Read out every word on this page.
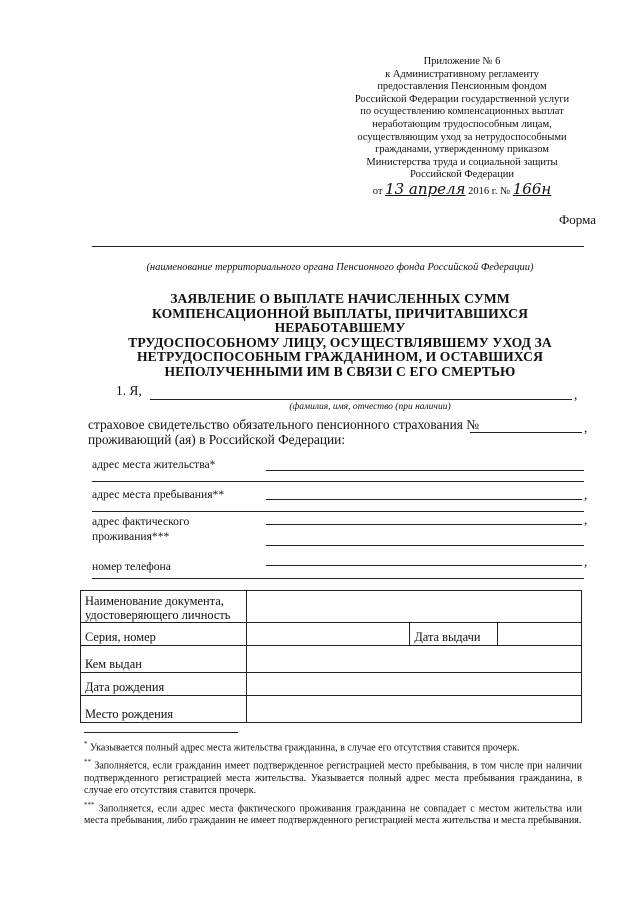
Приложение № 6
к Административному регламенту
предоставления Пенсионным фондом
Российской Федерации государственной услуги
по осуществлению компенсационных выплат
неработающим трудоспособным лицам,
осуществляющим уход за нетрудоспособными
гражданами, утвержденному приказом
Министерства труда и социальной защиты
Российской Федерации
от 13 апреля 2016 г. № 166н
Форма
(наименование территориального органа Пенсионного фонда Российской Федерации)
ЗАЯВЛЕНИЕ О ВЫПЛАТЕ НАЧИСЛЕННЫХ СУММ
КОМПЕНСАЦИОННОЙ ВЫПЛАТЫ, ПРИЧИТАВШИХСЯ НЕРАБОТАВШЕМУ
ТРУДОСПОСОБНОМУ ЛИЦУ, ОСУЩЕСТВЛЯВШЕМУ УХОД ЗА
НЕТРУДОСПОСОБНЫМ ГРАЖДАНИНОМ, И ОСТАВШИХСЯ
НЕПОЛУЧЕННЫМИ ИМ В СВЯЗИ С ЕГО СМЕРТЬЮ
1. Я,	,
(фамилия, имя, отчество (при наличии)
страховое свидетельство обязательного пенсионного страхования №	,
проживающий (ая) в Российской Федерации:
адрес места жительства*
адрес места пребывания**	,
адрес фактического	,
проживания***
номер телефона	,
Наименование документа,
удостоверяющего личность			

Серия, номер		Дата выдачи	
Кем выдан			
Дата рождения			
Место рождения			
* Указывается полный адрес места жительства гражданина, в случае его отсутствия ставится прочерк.
** Заполняется, если гражданин имеет подтвержденное регистрацией место пребывания, в том числе при наличии подтвержденного регистрацией места жительства. Указывается полный адрес места пребывания гражданина, в случае его отсутствия ставится прочерк.
*** Заполняется, если адрес места фактического проживания гражданина не совпадает с местом жительства или места пребывания, либо гражданин не имеет подтвержденного регистрацией места жительства и места пребывания.
